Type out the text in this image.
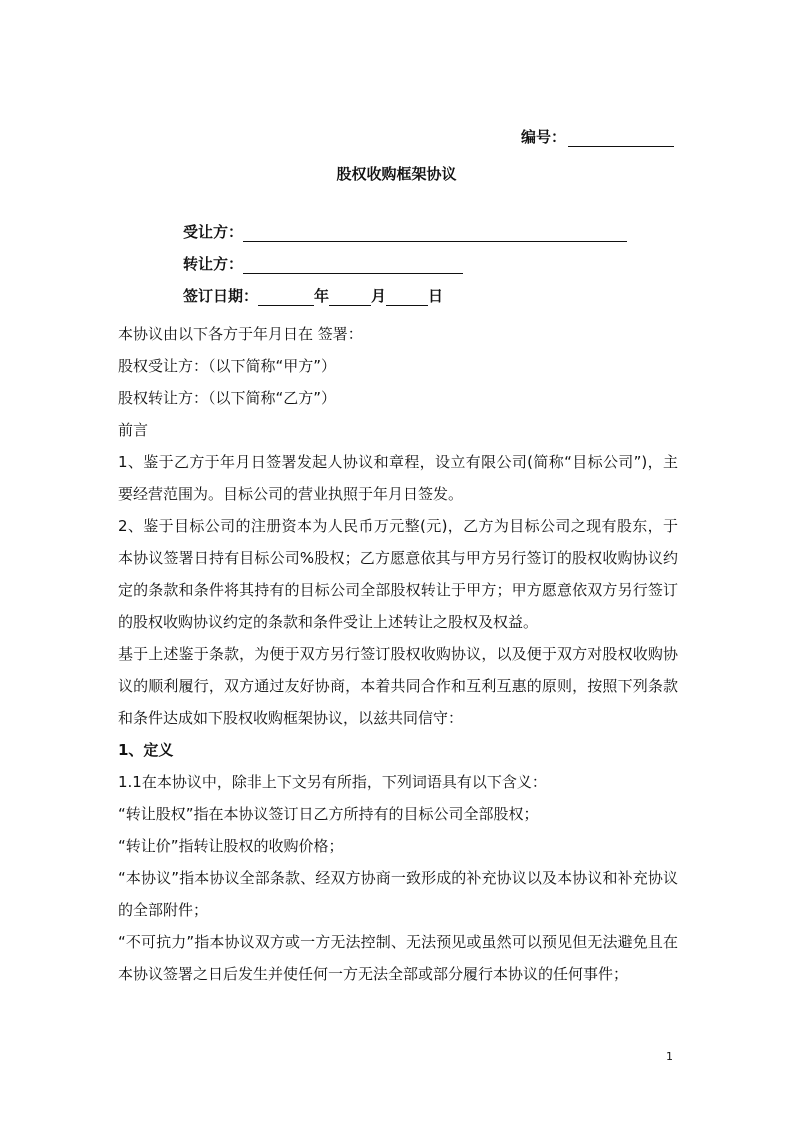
编号：
股权收购框架协议
受让方：
转让方：
签订日期：	年	月	日

本协议由以下各方于年月日在 签署：

股权受让方：（以下简称“甲方”）

股权转让方：（以下简称“乙方”）

前言

1、鉴于乙方于年月日签署发起人协议和章程，设立有限公司(简称“目标公司”)，主要经营范围为。目标公司的营业执照于年月日签发。

2、鉴于目标公司的注册资本为人民币万元整(元)，乙方为目标公司之现有股东，于本协议签署日持有目标公司%股权；乙方愿意依其与甲方另行签订的股权收购协议约定的条款和条件将其持有的目标公司全部股权转让于甲方；甲方愿意依双方另行签订的股权收购协议约定的条款和条件受让上述转让之股权及权益。

基于上述鉴于条款，为便于双方另行签订股权收购协议，以及便于双方对股权收购协议的顺利履行，双方通过友好协商，本着共同合作和互利互惠的原则，按照下列条款和条件达成如下股权收购框架协议，以兹共同信守：

1、定义

1.1在本协议中，除非上下文另有所指，下列词语具有以下含义：

“转让股权”指在本协议签订日乙方所持有的目标公司全部股权；

“转让价”指转让股权的收购价格；

“本协议”指本协议全部条款、经双方协商一致形成的补充协议以及本协议和补充协议的全部附件；

“不可抗力”指本协议双方或一方无法控制、无法预见或虽然可以预见但无法避免且在本协议签署之日后发生并使任何一方无法全部或部分履行本协议的任何事件；

1
